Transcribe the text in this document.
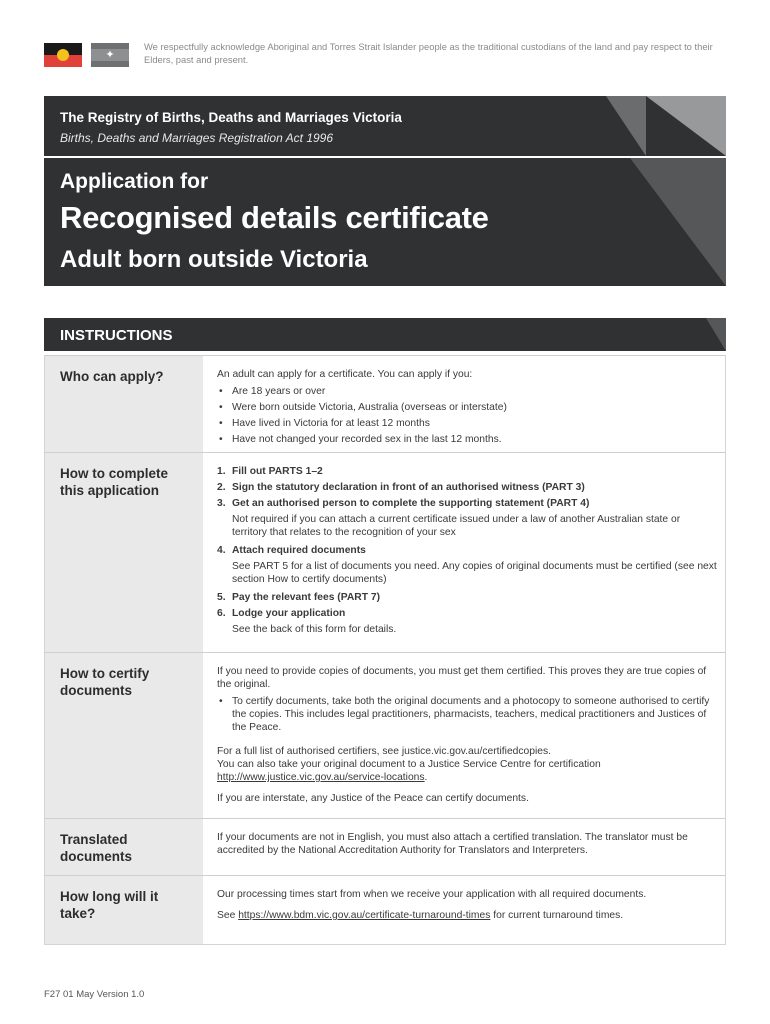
✦
We respectfully acknowledge Aboriginal and Torres Strait Islander people as the traditional custodians of the land and pay respect to their Elders, past and present.
The Registry of Births, Deaths and Marriages Victoria
Births, Deaths and Marriages Registration Act 1996
Application for
Recognised details certificate
Adult born outside Victoria
INSTRUCTIONS
Who can apply?	An adult can apply for a certificate. You can apply if you:

• Are 18 years or over
• Were born outside Victoria, Australia (overseas or interstate)
• Have lived in Victoria for at least 12 months
• Have not changed your recorded sex in the last 12 months.
How to complete this application
1. Fill out PARTS 1–2
2. Sign the statutory declaration in front of an authorised witness (PART 3)
3. Get an authorised person to complete the supporting statement (PART 4)
Not required if you can attach a current certificate issued under a law of another Australian state or territory that relates to the recognition of your sex
4. Attach required documents
See PART 5 for a list of documents you need. Any copies of original documents must be certified (see next section How to certify documents)
5. Pay the relevant fees (PART 7)
6. Lodge your application
See the back of this form for details.
How to certify documents

If you need to provide copies of documents, you must get them certified. This proves they are true copies of the original.

• To certify documents, take both the original documents and a photocopy to someone authorised to certify the copies. This includes legal practitioners, pharmacists, teachers, medical practitioners and Justices of the Peace.

For a full list of authorised certifiers, see justice.vic.gov.au/certifiedcopies.
You can also take your original document to a Justice Service Centre for certification
http://www.justice.vic.gov.au/service-locations.

If you are interstate, any Justice of the Peace can certify documents.

Translated documents

If your documents are not in English, you must also attach a certified translation. The translator must be accredited by the National Accreditation Authority for Translators and Interpreters.

How long will it take?

Our processing times start from when we receive your application with all required documents.

See https://www.bdm.vic.gov.au/certificate-turnaround-times for current turnaround times.

F27 01 May Version 1.0
